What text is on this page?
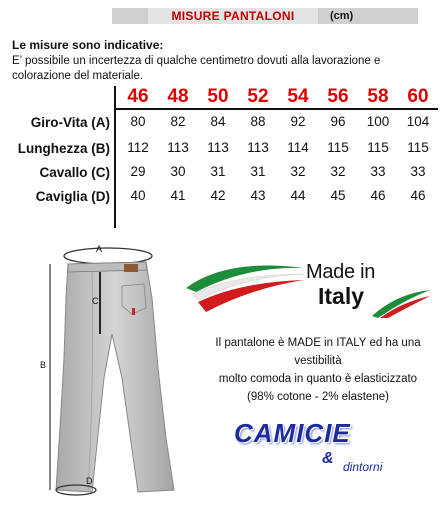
MISURE PANTALONI	(cm)
Le misure sono indicative:
E’ possibile un incertezza di qualche centimetro dovuti alla lavorazione e colorazione del materiale.
46 48 50 52 54 56 58 60
Giro-Vita (A)	80	82	84	88	92	96	100	104
Lunghezza (B)	112	113	113	113	114	115	115	115
Cavallo (C)	29	30	31	31	32	32	33	33
Caviglia (D)	40	41	42	43	44	45	46	46
A
B
C
D
Made in
Italy
Il pantalone è MADE in ITALY ed ha una vestibilità
molto comoda in quanto è elasticizzato
(98% cotone - 2% elastene)
CAMICIE
& dintorni
